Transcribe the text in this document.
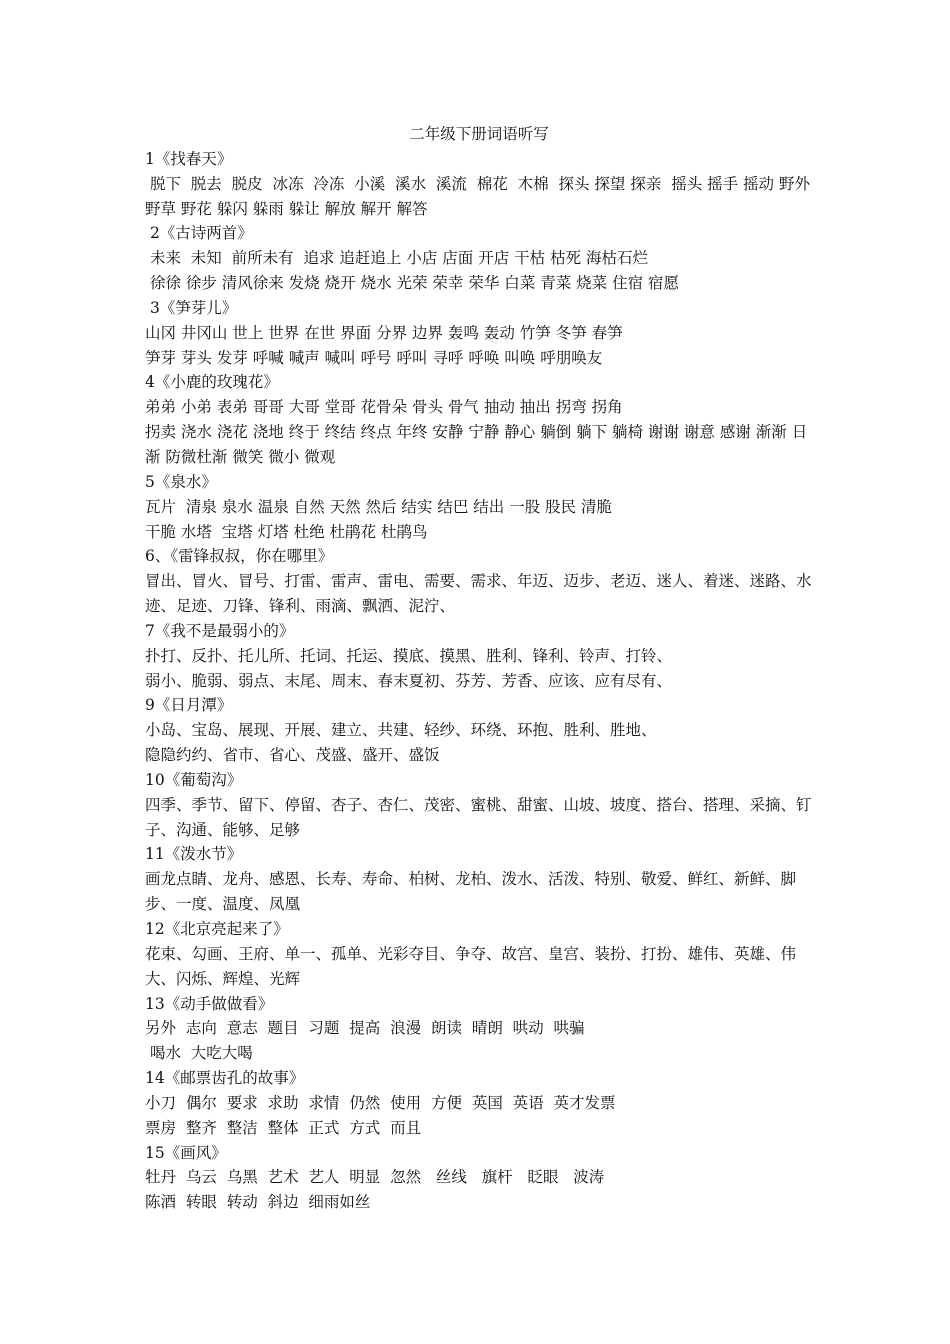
二年级下册词语听写

1《找春天》

脱下  脱去  脱皮  冰冻  冷冻  小溪  溪水  溪流  棉花  木棉  探头 探望 探亲  摇头 摇手 摇动 野外 野草 野花 躲闪 躲雨 躲让 解放 解开 解答

2《古诗两首》

未来  未知  前所未有  追求 追赶追上 小店 店面 开店 干枯 枯死 海枯石烂

徐徐 徐步 清风徐来 发烧 烧开 烧水 光荣 荣幸 荣华 白菜 青菜 烧菜 住宿 宿愿

3《笋芽儿》

山冈 井冈山 世上 世界 在世 界面 分界 边界 轰鸣 轰动 竹笋 冬笋 春笋

笋芽 芽头 发芽 呼喊 喊声 喊叫 呼号 呼叫 寻呼 呼唤 叫唤 呼朋唤友

4《小鹿的玫瑰花》

弟弟 小弟 表弟 哥哥 大哥 堂哥 花骨朵 骨头 骨气 抽动 抽出 拐弯 拐角

拐卖 浇水 浇花 浇地 终于 终结 终点 年终 安静 宁静 静心 躺倒 躺下 躺椅 谢谢 谢意 感谢 渐渐 日渐 防微杜渐 微笑 微小 微观

5《泉水》

瓦片  清泉 泉水 温泉 自然 天然 然后 结实 结巴 结出 一股 股民 清脆

干脆 水塔  宝塔 灯塔 杜绝 杜鹃花 杜鹃鸟

6、《雷锋叔叔，你在哪里》

冒出、冒火、冒号、打雷、雷声、雷电、需要、需求、年迈、迈步、老迈、迷人、着迷、迷路、水迹、足迹、刀锋、锋利、雨滴、飘洒、泥泞、

7《我不是最弱小的》

扑打、反扑、托儿所、托词、托运、摸底、摸黑、胜利、锋利、铃声、打铃、

弱小、脆弱、弱点、末尾、周末、春末夏初、芬芳、芳香、应该、应有尽有、

9《日月潭》

小岛、宝岛、展现、开展、建立、共建、轻纱、环绕、环抱、胜利、胜地、

隐隐约约、省市、省心、茂盛、盛开、盛饭

10《葡萄沟》

四季、季节、留下、停留、杏子、杏仁、茂密、蜜桃、甜蜜、山坡、坡度、搭台、搭理、采摘、钉子、沟通、能够、足够

11《泼水节》

画龙点睛、龙舟、感恩、长寿、寿命、柏树、龙柏、泼水、活泼、特别、敬爱、鲜红、新鲜、脚步、一度、温度、凤凰

12《北京亮起来了》

花束、勾画、王府、单一、孤单、光彩夺目、争夺、故宫、皇宫、装扮、打扮、雄伟、英雄、伟大、闪烁、辉煌、光辉

13《动手做做看》

另外  志向  意志  题目  习题  提高  浪漫  朗读  晴朗  哄动  哄骗

喝水  大吃大喝

14《邮票齿孔的故事》

小刀  偶尔  要求  求助  求情  仍然  使用  方便  英国  英语  英才发票

票房  整齐  整洁  整体  正式  方式  而且

15《画风》

牡丹  乌云  乌黑  艺术  艺人  明显  忽然   丝线   旗杆   眨眼   波涛

陈酒  转眼  转动  斜边  细雨如丝
